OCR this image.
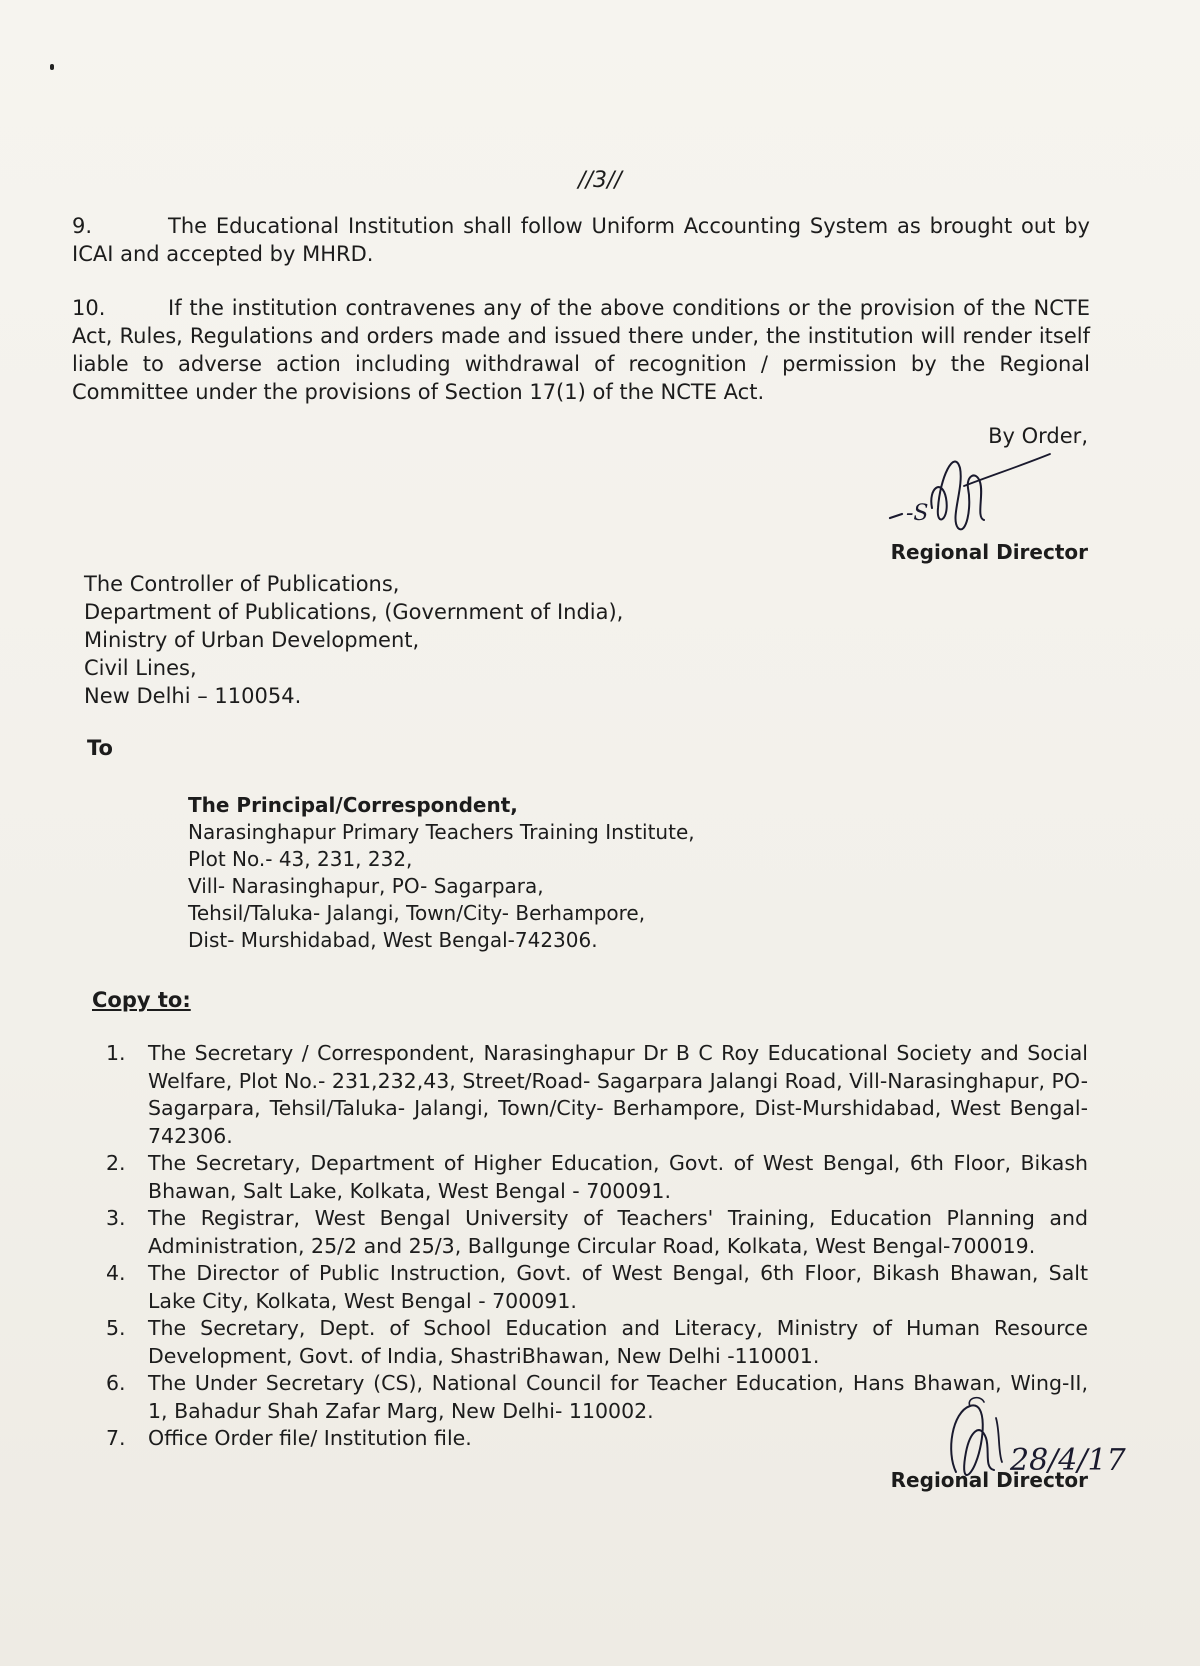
//3//
9.	The Educational Institution shall follow Uniform Accounting System as brought out by ICAI and accepted by MHRD.
10.	If the institution contravenes any of the above conditions or the provision of the NCTE Act, Rules, Regulations and orders made and issued there under, the institution will render itself liable to adverse action including withdrawal of recognition / permission by the Regional Committee under the provisions of Section 17(1) of the NCTE Act.
By Order,
-S
Regional Director
The Controller of Publications,
Department of Publications, (Government of India),
Ministry of Urban Development,
Civil Lines,
New Delhi – 110054.
To
The Principal/Correspondent,
Narasinghapur Primary Teachers Training Institute,
Plot No.- 43, 231, 232,
Vill- Narasinghapur, PO- Sagarpara,
Tehsil/Taluka- Jalangi, Town/City- Berhampore,
Dist- Murshidabad, West Bengal-742306.
Copy to:
1.	The Secretary / Correspondent, Narasinghapur Dr B C Roy Educational Society and Social Welfare, Plot No.- 231,232,43, Street/Road- Sagarpara Jalangi Road, Vill-Narasinghapur, PO- Sagarpara, Tehsil/Taluka- Jalangi, Town/City- Berhampore, Dist-Murshidabad, West Bengal- 742306.
2.	The Secretary, Department of Higher Education, Govt. of West Bengal, 6th Floor, Bikash Bhawan, Salt Lake, Kolkata, West Bengal - 700091.
3.	The Registrar, West Bengal University of Teachers' Training, Education Planning and Administration, 25/2 and 25/3, Ballgunge Circular Road, Kolkata, West Bengal-700019.
4.	The Director of Public Instruction, Govt. of West Bengal, 6th Floor, Bikash Bhawan, Salt Lake City, Kolkata, West Bengal - 700091.
5.	The Secretary, Dept. of School Education and Literacy, Ministry of Human Resource Development, Govt. of India, ShastriBhawan, New Delhi -110001.
6.	The Under Secretary (CS), National Council for Teacher Education, Hans Bhawan, Wing-II, 1, Bahadur Shah Zafar Marg, New Delhi- 110002.
7.	Office Order file/ Institution file.
28/4/17
Regional Director
